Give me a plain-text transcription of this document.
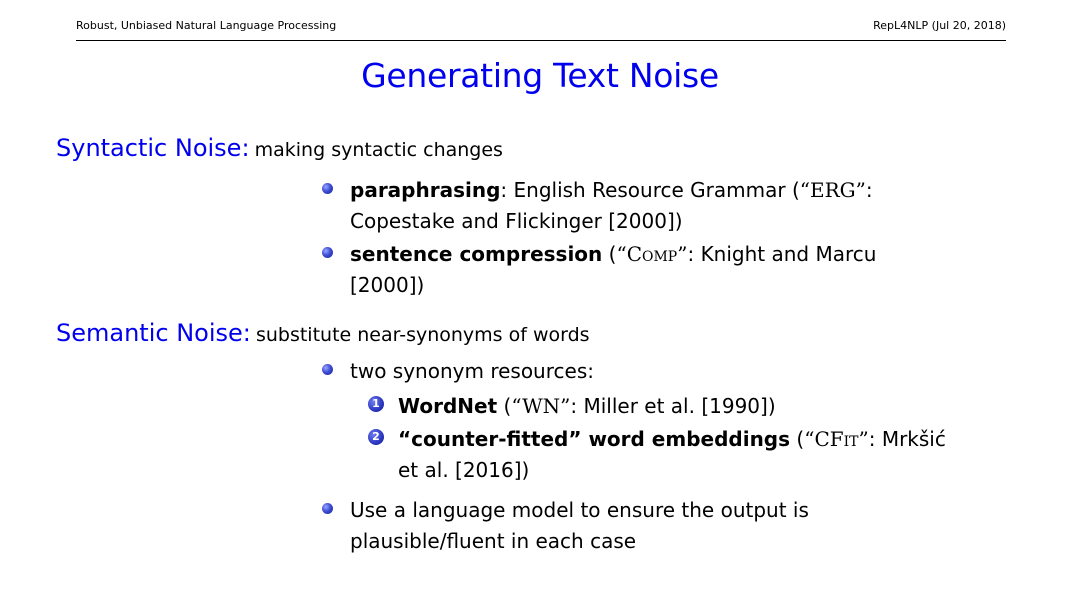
Robust, Unbiased Natural Language Processing	RepL4NLP (Jul 20, 2018)
Generating Text Noise
Syntactic Noise: making syntactic changes
paraphrasing: English Resource Grammar (“ERG”:
Copestake and Flickinger [2000])
sentence compression (“Comp”: Knight and Marcu
[2000])
Semantic Noise: substitute near-synonyms of words
two synonym resources:
1 WordNet (“WN”: Miller et al. [1990])
2 “counter-fitted” word embeddings (“CFit”: Mrkšić
et al. [2016])
Use a language model to ensure the output is
plausible/fluent in each case
